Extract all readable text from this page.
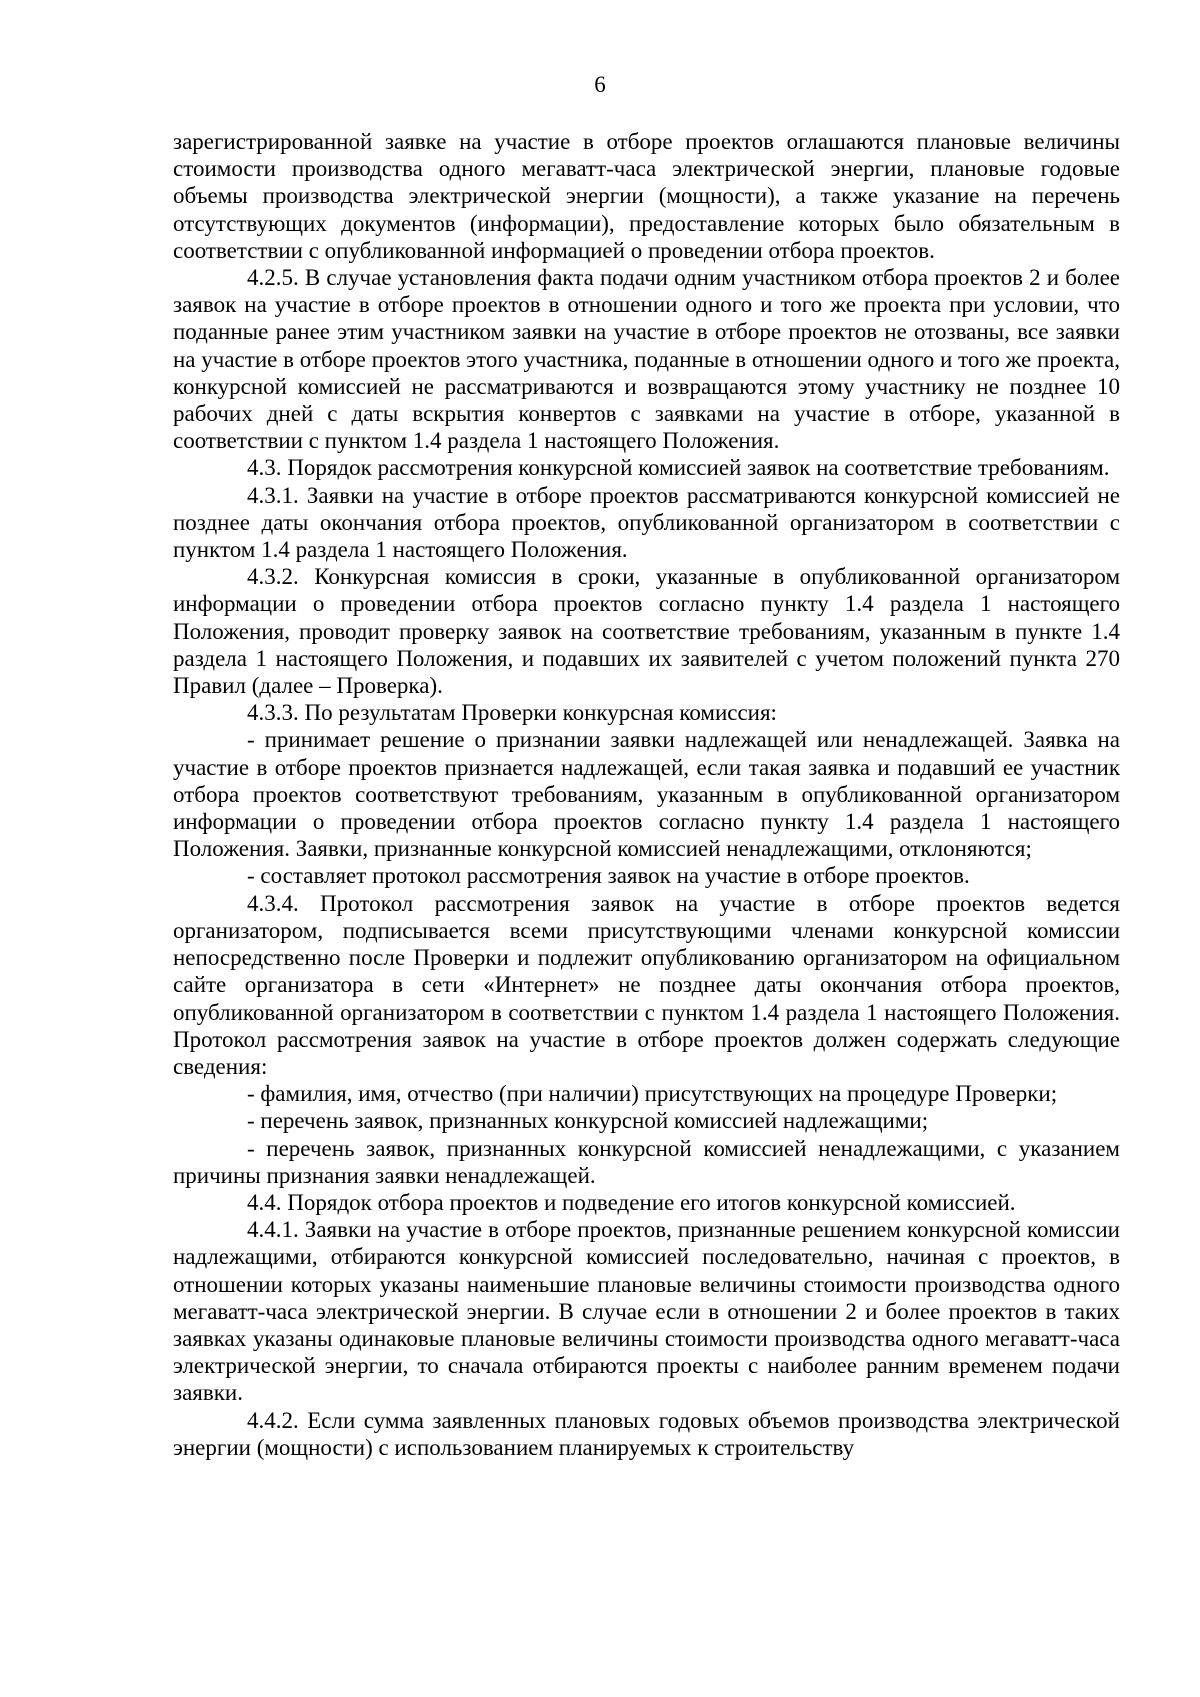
6

зарегистрированной заявке на участие в отборе проектов оглашаются плановые величины стоимости производства одного мегаватт-часа электрической энергии, плановые годовые объемы производства электрической энергии (мощности), а также указание на перечень отсутствующих документов (информации), предоставление которых было обязательным в соответствии с опубликованной информацией о проведении отбора проектов.

4.2.5. В случае установления факта подачи одним участником отбора проектов 2 и более заявок на участие в отборе проектов в отношении одного и того же проекта при условии, что поданные ранее этим участником заявки на участие в отборе проектов не отозваны, все заявки на участие в отборе проектов этого участника, поданные в отношении одного и того же проекта, конкурсной комиссией не рассматриваются и возвращаются этому участнику не позднее 10 рабочих дней с даты вскрытия конвертов с заявками на участие в отборе, указанной в соответствии с пунктом 1.4 раздела 1 настоящего Положения.

4.3. Порядок рассмотрения конкурсной комиссией заявок на соответствие требованиям.

4.3.1. Заявки на участие в отборе проектов рассматриваются конкурсной комиссией не позднее даты окончания отбора проектов, опубликованной организатором в соответствии с пунктом 1.4 раздела 1 настоящего Положения.

4.3.2. Конкурсная комиссия в сроки, указанные в опубликованной организатором информации о проведении отбора проектов согласно пункту 1.4 раздела 1 настоящего Положения, проводит проверку заявок на соответствие требованиям, указанным в пункте 1.4 раздела 1 настоящего Положения, и подавших их заявителей с учетом положений пункта 270 Правил (далее – Проверка).

4.3.3. По результатам Проверки конкурсная комиссия:

- принимает решение о признании заявки надлежащей или ненадлежащей. Заявка на участие в отборе проектов признается надлежащей, если такая заявка и подавший ее участник отбора проектов соответствуют требованиям, указанным в опубликованной организатором информации о проведении отбора проектов согласно пункту 1.4 раздела 1 настоящего Положения. Заявки, признанные конкурсной комиссией ненадлежащими, отклоняются;

- составляет протокол рассмотрения заявок на участие в отборе проектов.

4.3.4. Протокол рассмотрения заявок на участие в отборе проектов ведется организатором, подписывается всеми присутствующими членами конкурсной комиссии непосредственно после Проверки и подлежит опубликованию организатором на официальном сайте организатора в сети «Интернет» не позднее даты окончания отбора проектов, опубликованной организатором в соответствии с пунктом 1.4 раздела 1 настоящего Положения. Протокол рассмотрения заявок на участие в отборе проектов должен содержать следующие сведения:

- фамилия, имя, отчество (при наличии) присутствующих на процедуре Проверки;

- перечень заявок, признанных конкурсной комиссией надлежащими;

- перечень заявок, признанных конкурсной комиссией ненадлежащими, с указанием причины признания заявки ненадлежащей.

4.4. Порядок отбора проектов и подведение его итогов конкурсной комиссией.

4.4.1. Заявки на участие в отборе проектов, признанные решением конкурсной комиссии надлежащими, отбираются конкурсной комиссией последовательно, начиная с проектов, в отношении которых указаны наименьшие плановые величины стоимости производства одного мегаватт-часа электрической энергии. В случае если в отношении 2 и более проектов в таких заявках указаны одинаковые плановые величины стоимости производства одного мегаватт-часа электрической энергии, то сначала отбираются проекты с наиболее ранним временем подачи заявки.

4.4.2. Если сумма заявленных плановых годовых объемов производства электрической энергии (мощности) с использованием планируемых к строительству
